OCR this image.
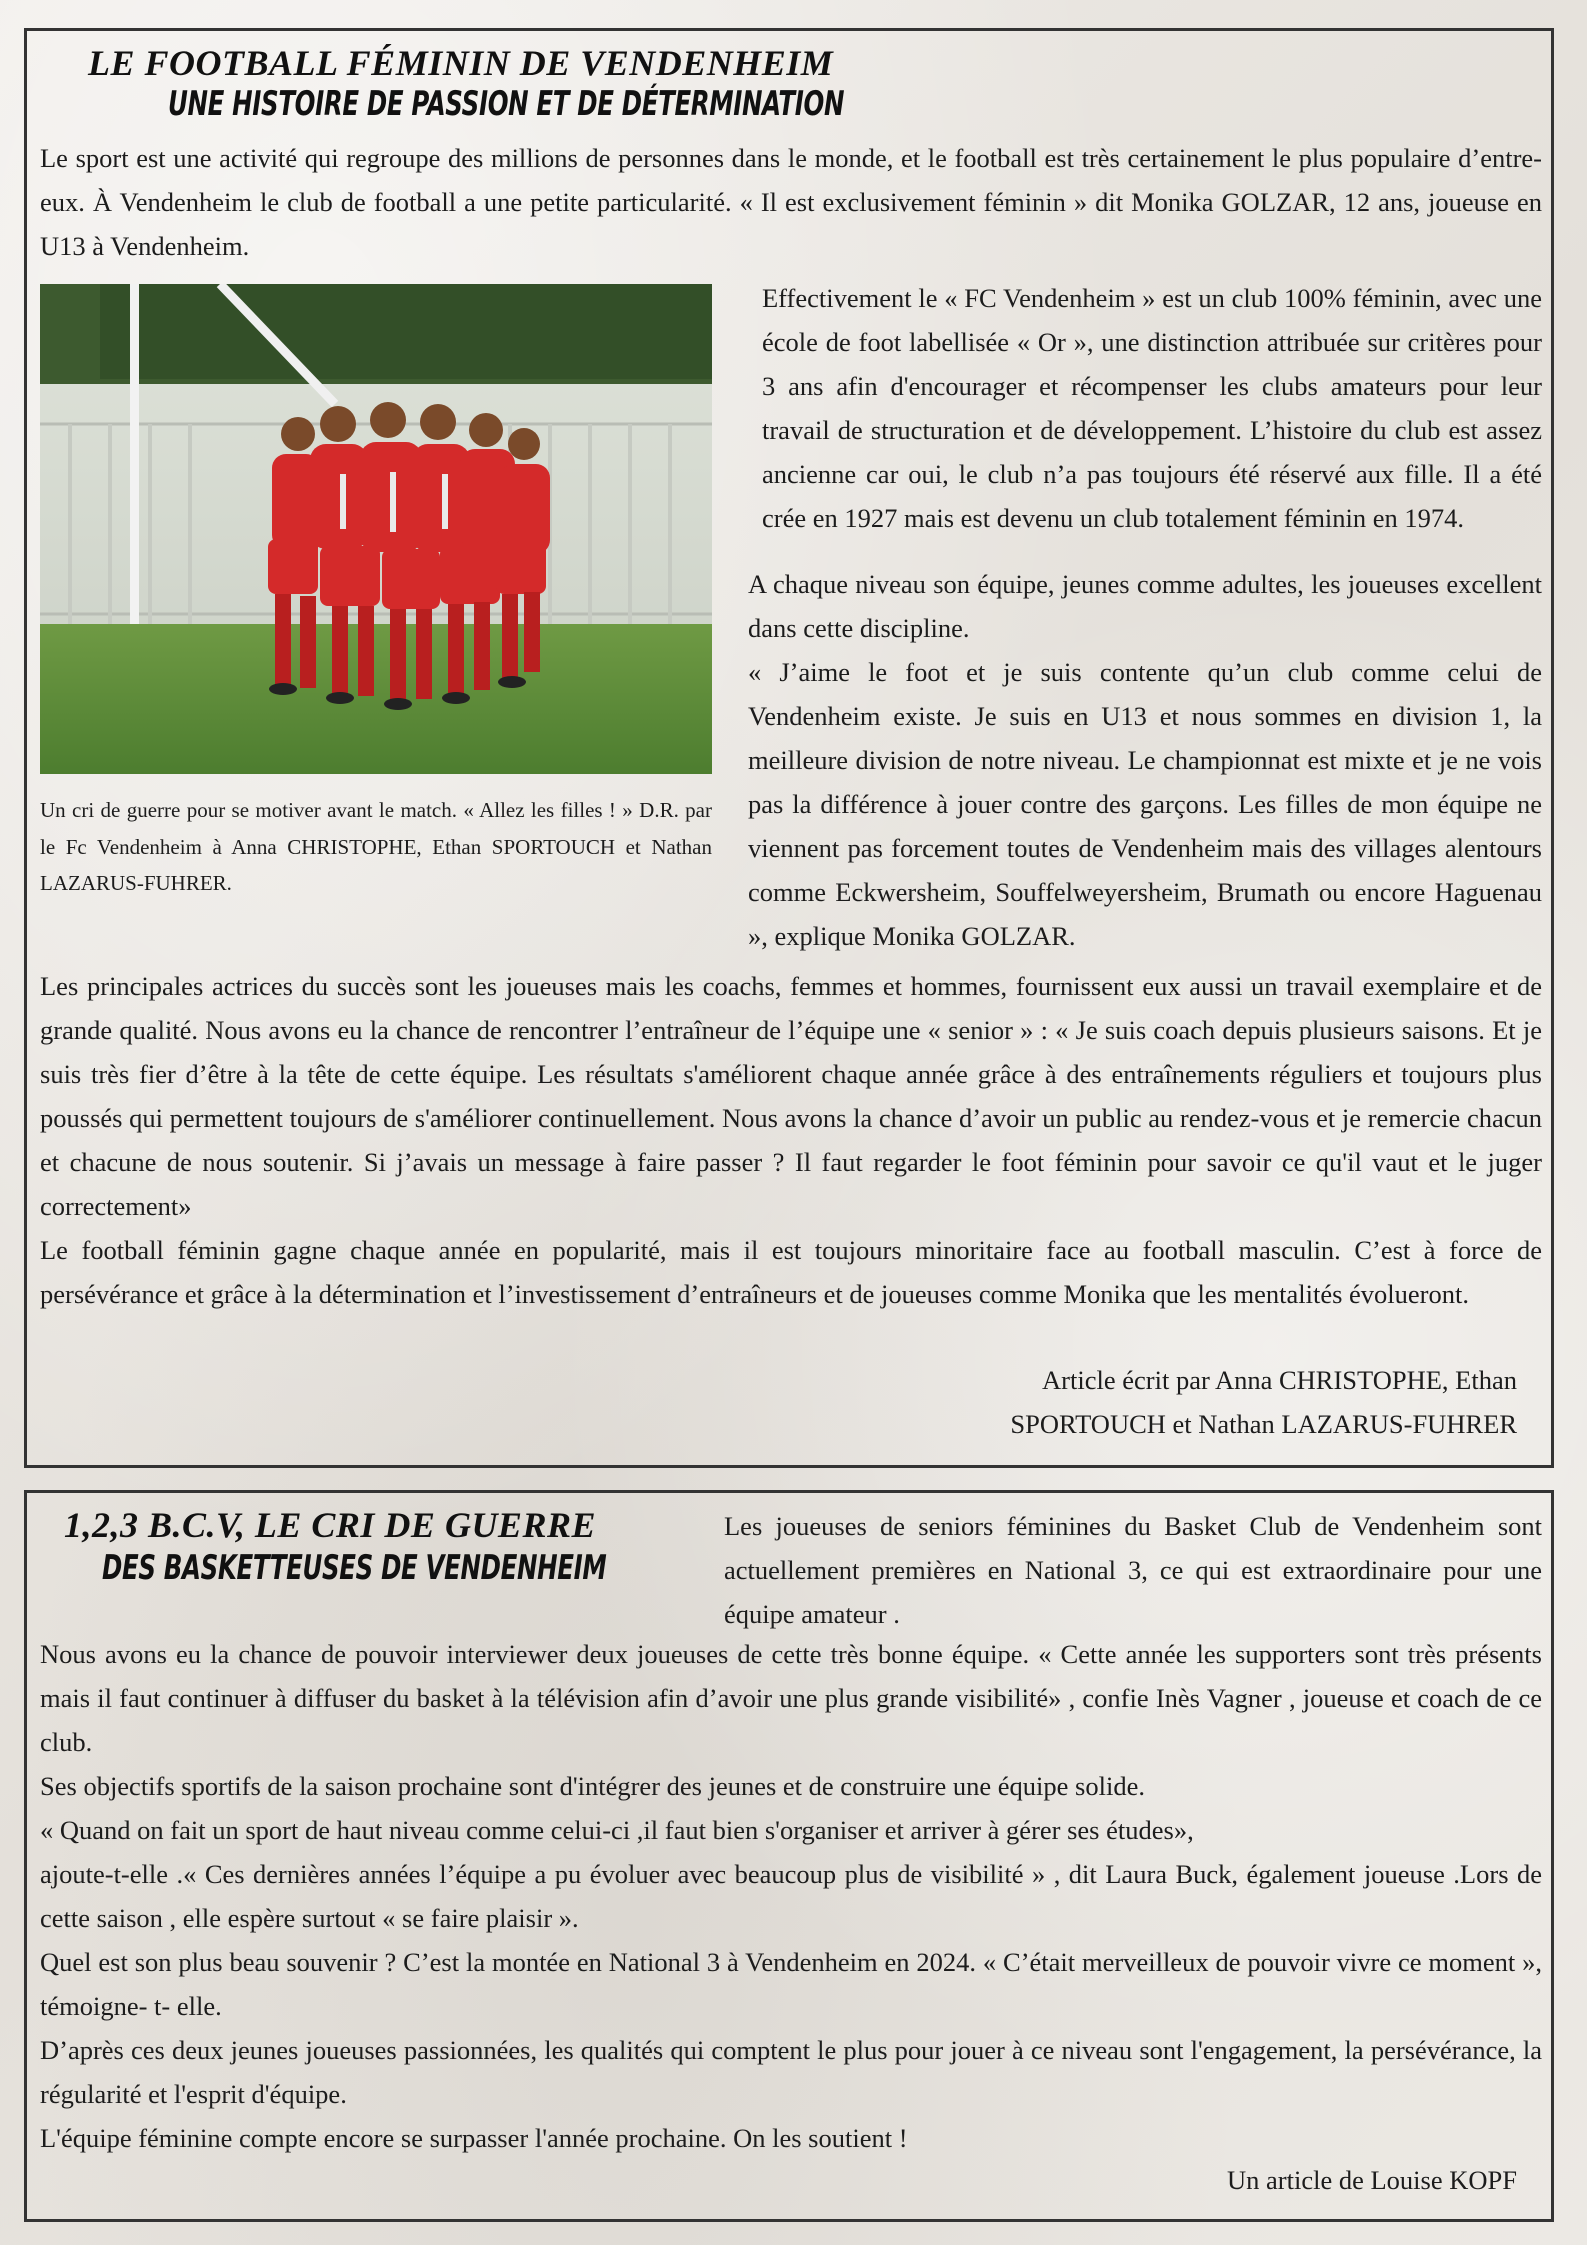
LE FOOTBALL FÉMININ DE VENDENHEIM
UNE HISTOIRE DE PASSION ET DE DÉTERMINATION

Le sport est une activité qui regroupe des millions de personnes dans le monde, et le football est très certainement le plus populaire d’entre-eux. À Vendenheim le club de football a une petite particularité. « Il est exclusivement féminin » dit Monika GOLZAR, 12 ans, joueuse en U13 à Vendenheim.

Un cri de guerre pour se motiver avant le match. « Allez les filles ! » D.R. par le Fc Vendenheim à Anna CHRISTOPHE, Ethan SPORTOUCH et Nathan LAZARUS-FUHRER.

Effectivement le « FC Vendenheim » est un club 100% féminin, avec une école de foot labellisée « Or », une distinction attribuée sur critères pour 3 ans afin d'encourager et récompenser les clubs amateurs pour leur travail de structuration et de développement. L’histoire du club est assez ancienne car oui, le club n’a pas toujours été réservé aux fille. Il a été crée en 1927 mais est devenu un club totalement féminin en 1974.

A chaque niveau son équipe, jeunes comme adultes, les joueuses excellent dans cette discipline.

« J’aime le foot et je suis contente qu’un club comme celui de Vendenheim existe. Je suis en U13 et nous sommes en division 1, la meilleure division de notre niveau. Le championnat est mixte et je ne vois pas la différence à jouer contre des garçons. Les filles de mon équipe ne viennent pas forcement toutes de Vendenheim mais des villages alentours comme Eckwersheim, Souffelweyersheim, Brumath ou encore Haguenau », explique Monika GOLZAR.

Les principales actrices du succès sont les joueuses mais les coachs, femmes et hommes, fournissent eux aussi un travail exemplaire et de grande qualité. Nous avons eu la chance de rencontrer l’entraîneur de l’équipe une « senior » : « Je suis coach depuis plusieurs saisons. Et je suis très fier d’être à la tête de cette équipe. Les résultats s'améliorent chaque année grâce à des entraînements réguliers et toujours plus poussés qui permettent toujours de s'améliorer continuellement. Nous avons la chance d’avoir un public au rendez-vous et je remercie chacun et chacune de nous soutenir. Si j’avais un message à faire passer ? Il faut regarder le foot féminin pour savoir ce qu'il vaut et le juger correctement»

Le football féminin gagne chaque année en popularité, mais il est toujours minoritaire face au football masculin. C’est à force de persévérance et grâce à la détermination et l’investissement d’entraîneurs et de joueuses comme Monika que les mentalités évolueront.

Article écrit par Anna CHRISTOPHE, Ethan
SPORTOUCH et Nathan LAZARUS-FUHRER
1,2,3 B.C.V, LE CRI DE GUERRE
DES BASKETTEUSES DE VENDENHEIM

Les joueuses de seniors féminines du Basket Club de Vendenheim sont actuellement premières en National 3, ce qui est extraordinaire pour une équipe amateur .

Nous avons eu la chance de pouvoir interviewer deux joueuses de cette très bonne équipe. « Cette année les supporters sont très présents mais il faut continuer à diffuser du basket à la télévision afin d’avoir une plus grande visibilité» , confie Inès Vagner , joueuse et coach de ce club.
Ses objectifs sportifs de la saison prochaine sont d'intégrer des jeunes et de construire une équipe solide.
« Quand on fait un sport de haut niveau comme celui-ci ,il faut bien s'organiser et arriver à gérer ses études»,
ajoute-t-elle .« Ces dernières années l’équipe a pu évoluer avec beaucoup plus de visibilité » , dit Laura Buck, également joueuse .Lors de cette saison , elle espère surtout « se faire plaisir ».
Quel est son plus beau souvenir ? C’est la montée en National 3 à Vendenheim en 2024. « C’était merveilleux de pouvoir vivre ce moment », témoigne- t- elle.
D’après ces deux jeunes joueuses passionnées, les qualités qui comptent le plus pour jouer à ce niveau sont l'engagement, la persévérance, la régularité et l'esprit d'équipe.
L'équipe féminine compte encore se surpasser l'année prochaine. On les soutient !
Un article de Louise KOPF
